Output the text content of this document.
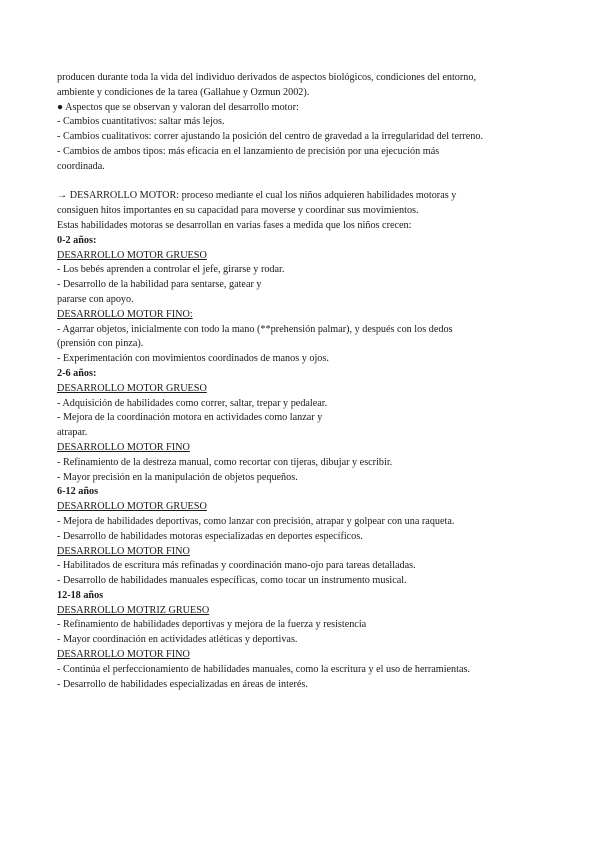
producen durante toda la vida del individuo derivados de aspectos biológicos, condiciones del entorno,
ambiente y condiciones de la tarea (Gallahue y Ozmun 2002).
● Aspectos que se observan y valoran del desarrollo motor:
- Cambios cuantitativos: saltar más lejos.
- Cambios cualitativos: correr ajustando la posición del centro de gravedad a la irregularidad del terreno.
- Cambios de ambos tipos: más eficacia en el lanzamiento de precisión por una ejecución más
coordinada.
→ DESARROLLO MOTOR: proceso mediante el cual los niños adquieren habilidades motoras y
consiguen hitos importantes en su capacidad para moverse y coordinar sus movimientos.
Estas habilidades motoras se desarrollan en varias fases a medida que los niños crecen:
0-2 años:
DESARROLLO MOTOR GRUESO
- Los bebés aprenden a controlar el jefe, girarse y rodar.
- Desarrollo de la habilidad para sentarse, gatear y
pararse con apoyo.
DESARROLLO MOTOR FINO:
- Agarrar objetos, inicialmente con todo la mano (**prehensión palmar), y después con los dedos
(prensión con pinza).
- Experimentación con movimientos coordinados de manos y ojos.
2-6 años:
DESARROLLO MOTOR GRUESO
- Adquisición de habilidades como correr, saltar, trepar y pedalear.
- Mejora de la coordinación motora en actividades como lanzar y
atrapar.
DESARROLLO MOTOR FINO
- Refinamiento de la destreza manual, como recortar con tijeras, dibujar y escribir.
- Mayor precisión en la manipulación de objetos pequeños.
6-12 años
DESARROLLO MOTOR GRUESO
- Mejora de habilidades deportivas, como lanzar con precisión, atrapar y golpear con una raqueta.
- Desarrollo de habilidades motoras especializadas en deportes específicos.
DESARROLLO MOTOR FINO
- Habilitados de escritura más refinadas y coordinación mano-ojo para tareas detalladas.
- Desarrollo de habilidades manuales específicas, como tocar un instrumento musical.
12-18 años
DESARROLLO MOTRIZ GRUESO
- Refinamiento de habilidades deportivas y mejora de la fuerza y resistencia
- Mayor coordinación en actividades atléticas y deportivas.
DESARROLLO MOTOR FINO
- Continúa el perfeccionamiento de habilidades manuales, como la escritura y el uso de herramientas.
- Desarrollo de habilidades especializadas en áreas de interés.
